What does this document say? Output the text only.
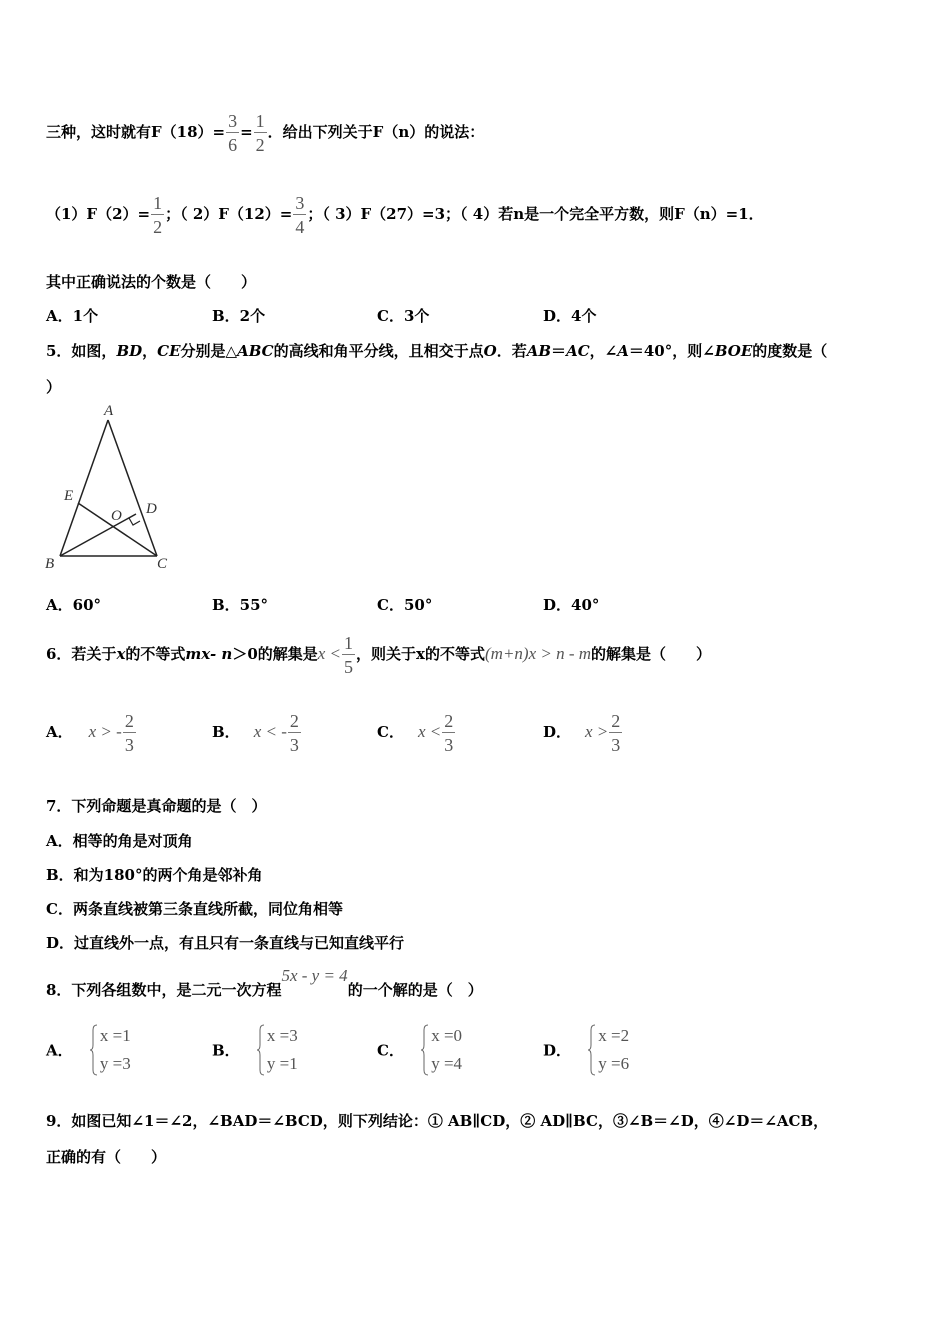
三种，这时就有$F(18)= \frac{3}{6} = \frac{1}{2}$ ．给出下列关于F（n）的说法：
$(1)F(2)= \frac{1}{2}$ ；（ $2)F(12)= \frac{3}{4}$ ；（ 3）F（27）=3；（ 4）若n是一个完全平方数，则F（n）=1．
其中正确说法的个数是（　　）
A．1个	B．2个	C．3个	D．4个
5．如图，BD，CE分别是△ABC的高线和角平分线，且相交于点O．若AB＝AC，∠A＝40°，则∠BOE的度数是（
）
A
B	C
D
E
O
A．60°	B．55°	C．50°	D．40°
6．若关于x的不等式mx- n＞0的解集是$x < \frac{1}{5}$ ，则关于x的不等式(m+n)x > n - m的解集是（　　）
A． x > - $\frac{2}{3}$	B． x < - $\frac{2}{3}$	C． $x < \frac{2}{3}$	D． $x > \frac{2}{3}$
7．下列命题是真命题的是（　）
A．相等的角是对顶角
B．和为180°的两个角是邻补角
C．两条直线被第三条直线所截，同位角相等
D．过直线外一点，有且只有一条直线与已知直线平行
8．下列各组数中，是二元一次方程5x - y = 4的一个解的是（　）
A．
x =1
y =3
B．
x =3
y =1
C．
x =0
y =4
D．
x =2
y =6
9．如图已知∠1＝∠2，∠BAD＝∠BCD，则下列结论：① AB∥CD，② AD∥BC，③∠B＝∠D，④∠D＝∠ACB，
正确的有（　　）
